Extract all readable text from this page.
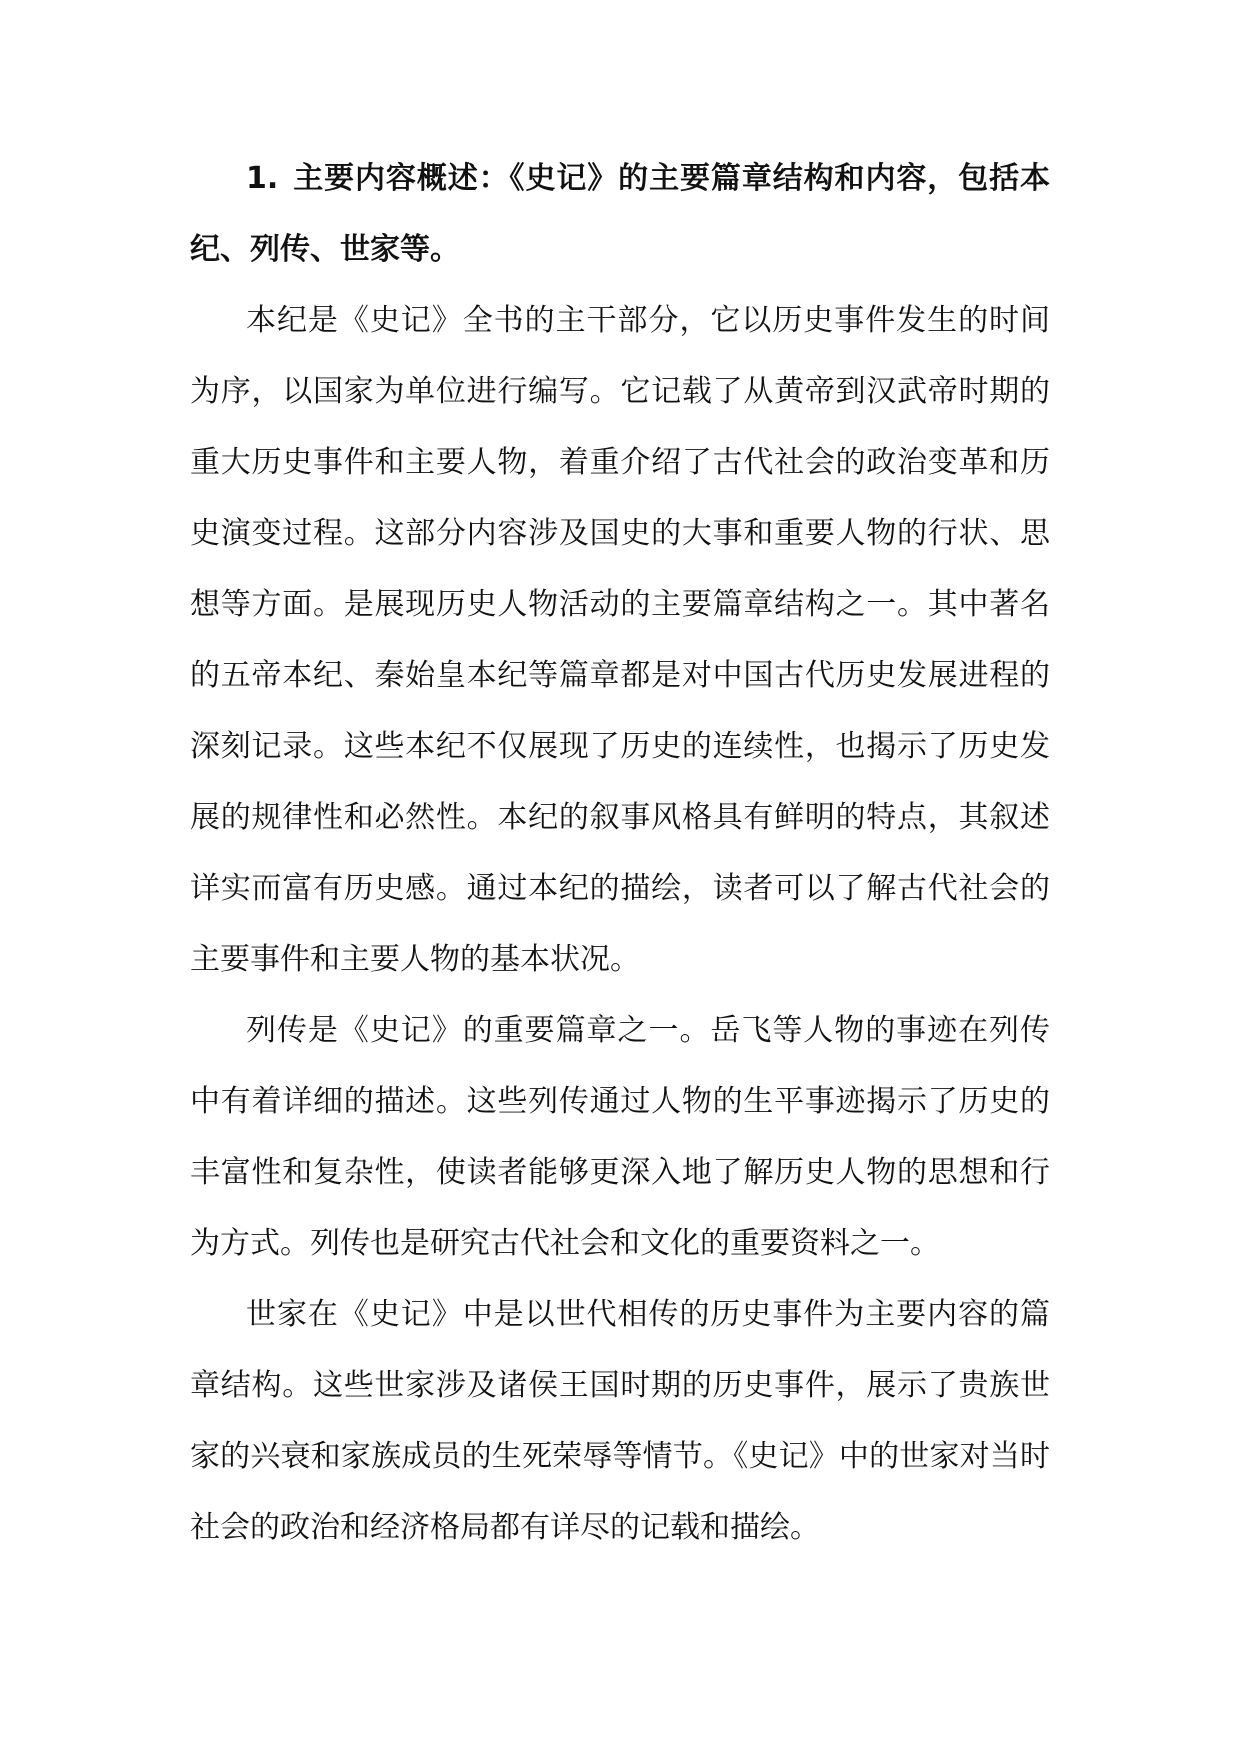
1. 主要内容概述：《史记》的主要篇章结构和内容，包括本纪、列传、世家等。

本纪是《史记》全书的主干部分，它以历史事件发生的时间为序，以国家为单位进行编写。它记载了从黄帝到汉武帝时期的重大历史事件和主要人物，着重介绍了古代社会的政治变革和历史演变过程。这部分内容涉及国史的大事和重要人物的行状、思想等方面。是展现历史人物活动的主要篇章结构之一。其中著名的五帝本纪、秦始皇本纪等篇章都是对中国古代历史发展进程的深刻记录。这些本纪不仅展现了历史的连续性，也揭示了历史发展的规律性和必然性。本纪的叙事风格具有鲜明的特点，其叙述详实而富有历史感。通过本纪的描绘，读者可以了解古代社会的主要事件和主要人物的基本状况。

列传是《史记》的重要篇章之一。岳飞等人物的事迹在列传中有着详细的描述。这些列传通过人物的生平事迹揭示了历史的丰富性和复杂性，使读者能够更深入地了解历史人物的思想和行为方式。列传也是研究古代社会和文化的重要资料之一。

世家在《史记》中是以世代相传的历史事件为主要内容的篇章结构。这些世家涉及诸侯王国时期的历史事件，展示了贵族世家的兴衰和家族成员的生死荣辱等情节。《史记》中的世家对当时社会的政治和经济格局都有详尽的记载和描绘。
